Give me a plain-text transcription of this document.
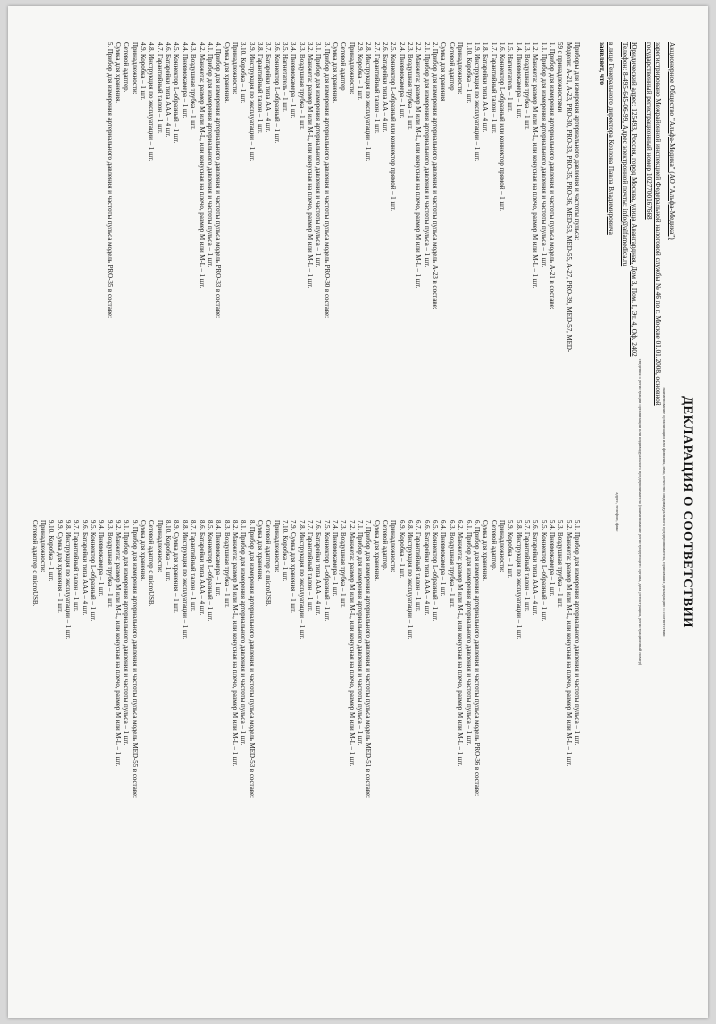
ДЕКЛАРАЦИЯ О СООТВЕТСТВИИ
Акционерное Общество "Альфа-Медика" (АО "Альфа-Медика")
наименование организации или фамилия, имя, отчество индивидуального предпринимателя, принявших декларацию о соответствии
зарегистрировано Межрайонной инспекцией Федеральной налоговой службы № 46 по г. Москве 01.01.2008, основной
государственный регистрационный номер 1027700167668
сведения о регистрации организации или индивидуального предпринимателя (наименование регистрирующего органа, дата регистрации, регистрационный номер)
Юридический адрес: 125493, Россия, город Москва, улица Авангардная, Дом 3, Пом. I, Эт. 4, Оф. 2402
Телефон: 8-495-645-06-99, Адрес электронной почты: info@alfamedica.ru
адрес, телефон, факс
в лице Генерального директора Козлова Павла Владимировича
заявляет, что
Приборы для измерения артериального давления и частоты пульса:
Модели: A-21, A-23, PRO-30, PRO-33, PRO-35, PRO-36, MED-53, MED-55, A-27, PRO-39, MED-57, MED-
59 с принадлежностями
1. Прибор для измерения артериального давления и частоты пульса модель A-21 в составе:
1.1. Прибор для измерения артериального давления и частоты пульса – 1 шт.
1.2. Манжета: размер M или M-L, или конусная на плечо, размер M или M-L – 1 шт.
1.3. Воздушная трубка – 1 шт.
1.4. Пневмокамера – 1 шт.
1.5. Нагнетатель – 1 шт.
1.6. Коннектор L-образный или коннектор прямой – 1 шт.
1.7. Гарантийный талон – 1 шт.
1.8. Батарейки типа AA – 4 шт.
1.9. Инструкция по эксплуатации – 1 шт.
1.10. Коробка – 1 шт.
Принадлежности:
Сетевой адаптер
Сумка для хранения
2. Прибор для измерения артериального давления и частоты пульса модель A-23 в составе:
2.1. Прибор для измерения артериального давления и частоты пульса – 1 шт.
2.2. Манжета: размер M или M-L, или конусная на плечо, размер M или M-L – 1 шт.
2.3. Воздушная трубка – 1 шт.
2.4. Пневмокамера – 1 шт.
2.5. Коннектор L-образный или коннектор прямой – 1 шт.
2.6. Батарейки типа AA – 4 шт.
2.7. Гарантийный талон – 1 шт.
2.8. Инструкция по эксплуатации – 1 шт.
2.9. Коробка – 1 шт.
Принадлежности:
Сетевой адаптер
Сумка для хранения.
3. Прибор для измерения артериального давления и частоты пульса модель PRO-30 в составе:
3.1. Прибор для измерения артериального давления и частоты пульса – 1 шт.
3.2. Манжета: размер M или M-L, или конусная на плечо, размер M или M-L – 1 шт.
3.3. Воздушная трубка – 1 шт.
3.4. Пневмокамера – 1 шт.
3.5. Нагнетатель – 1 шт.
3.6. Коннектор L-образный – 1 шт.
3.7. Батарейки типа AA – 4 шт.
3.8. Гарантийный талон – 1 шт.
3.9. Инструкция по эксплуатации – 1 шт.
3.10. Коробка – 1 шт.
Принадлежности:
Сумка для хранения.
4. Прибор для измерения артериального давления и частоты пульса модель PRO-33 в составе:
4.1. Прибор для измерения артериального давления и частоты пульса – 1 шт.
4.2. Манжета: размер M или M-L, или конусная на плечо, размер M или M-L – 1 шт.
4.3. Воздушная трубка – 1 шт.
4.4. Пневмокамера – 1 шт.
4.5. Коннектор L-образный – 1 шт.
4.6. Батарейки типа AAA – 4 шт.
4.7. Гарантийный талон – 1 шт.
4.8. Инструкция по эксплуатации – 1 шт.
4.9. Коробка – 1 шт.
Принадлежности:
Сетевой адаптер.
Сумка для хранения.
5. Прибор для измерения артериального давления и частоты пульса модель PRO-35 в составе:
5.1. Прибор для измерения артериального давления и частоты пульса – 1 шт.
5.2. Манжета: размер M или M-L, или конусная на плечо, размер M или M-L – 1 шт.
5.3. Воздушная трубка – 1 шт.
5.4. Пневмокамера – 1 шт.
5.5. Коннектор L-образный – 1 шт.
5.6. Батарейки типа AAA – 4 шт.
5.7. Гарантийный талон – 1 шт.
5.8. Инструкция по эксплуатации – 1 шт.
5.9. Коробка – 1 шт.
Принадлежности:
Сетевой адаптер.
Сумка для хранения.
6. Прибор для измерения артериального давления и частоты пульса модель PRO-36 в составе:
6.1. Прибор для измерения артериального давления и частоты пульса – 1 шт.
6.2. Манжета: размер M или M-L, или конусная на плечо, размер M или M-L – 1 шт.
6.3. Воздушная трубка – 1 шт.
6.4. Пневмокамера – 1 шт.
6.5. Коннектор L-образный – 1 шт.
6.6. Батарейки типа AAA – 4 шт.
6.7. Гарантийный талон – 1 шт.
6.8. Инструкция по эксплуатации – 1 шт.
6.9. Коробка – 1 шт.
Принадлежности:
Сетевой адаптер.
Сумка для хранения.
7. Прибор для измерения артериального давления и частоты пульса модель MED-51 в составе:
7.1. Прибор для измерения артериального давления и частоты пульса – 1 шт.
7.2. Манжета: размер M или M-L, или конусная на плечо, размер M или M-L – 1 шт.
7.3. Воздушная трубка – 1 шт.
7.4. Пневмокамера – 1 шт.
7.5. Коннектор L-образный – 1 шт.
7.6. Батарейки типа AAA – 4 шт.
7.7. Гарантийный талон – 1 шт.
7.8. Инструкция по эксплуатации – 1 шт.
7.9. Сумка для хранения – 1 шт.
7.10. Коробка – 1 шт.
Принадлежности:
Сетевой адаптер с microUSB.
Сумка для хранения.
8. Прибор для измерения артериального давления и частоты пульса модель MED-53 в составе:
8.1. Прибор для измерения артериального давления и частоты пульса – 1 шт.
8.2. Манжета: размер M или M-L, или конусная на плечо, размер M или M-L – 1 шт.
8.3. Воздушная трубка – 1 шт.
8.4. Пневмокамера – 1 шт.
8.5. Коннектор L-образный – 1 шт.
8.6. Батарейки типа AAA – 4 шт.
8.7. Гарантийный талон – 1 шт.
8.8. Инструкция по эксплуатации – 1 шт.
8.9. Сумка для хранения – 1 шт.
8.10. Коробка – 1 шт.
Принадлежности:
Сетевой адаптер с microUSB.
Сумка для хранения.
9. Прибор для измерения артериального давления и частоты пульса модель MED-55 в составе:
9.1. Прибор для измерения артериального давления и частоты пульса – 1 шт.
9.2. Манжета: размер M или M-L, или конусная на плечо, размер M или M-L – 1 шт.
9.3. Воздушная трубка – 1 шт.
9.4. Пневмокамера – 1 шт.
9.5. Коннектор L-образный – 1 шт.
9.6. Батарейки типа AAA – 4 шт.
9.7. Гарантийный талон – 1 шт.
9.8. Инструкция по эксплуатации – 1 шт.
9.9. Сумка для хранения – 1 шт.
9.10. Коробка – 1 шт.
Принадлежности:
Сетевой адаптер с microUSB.
